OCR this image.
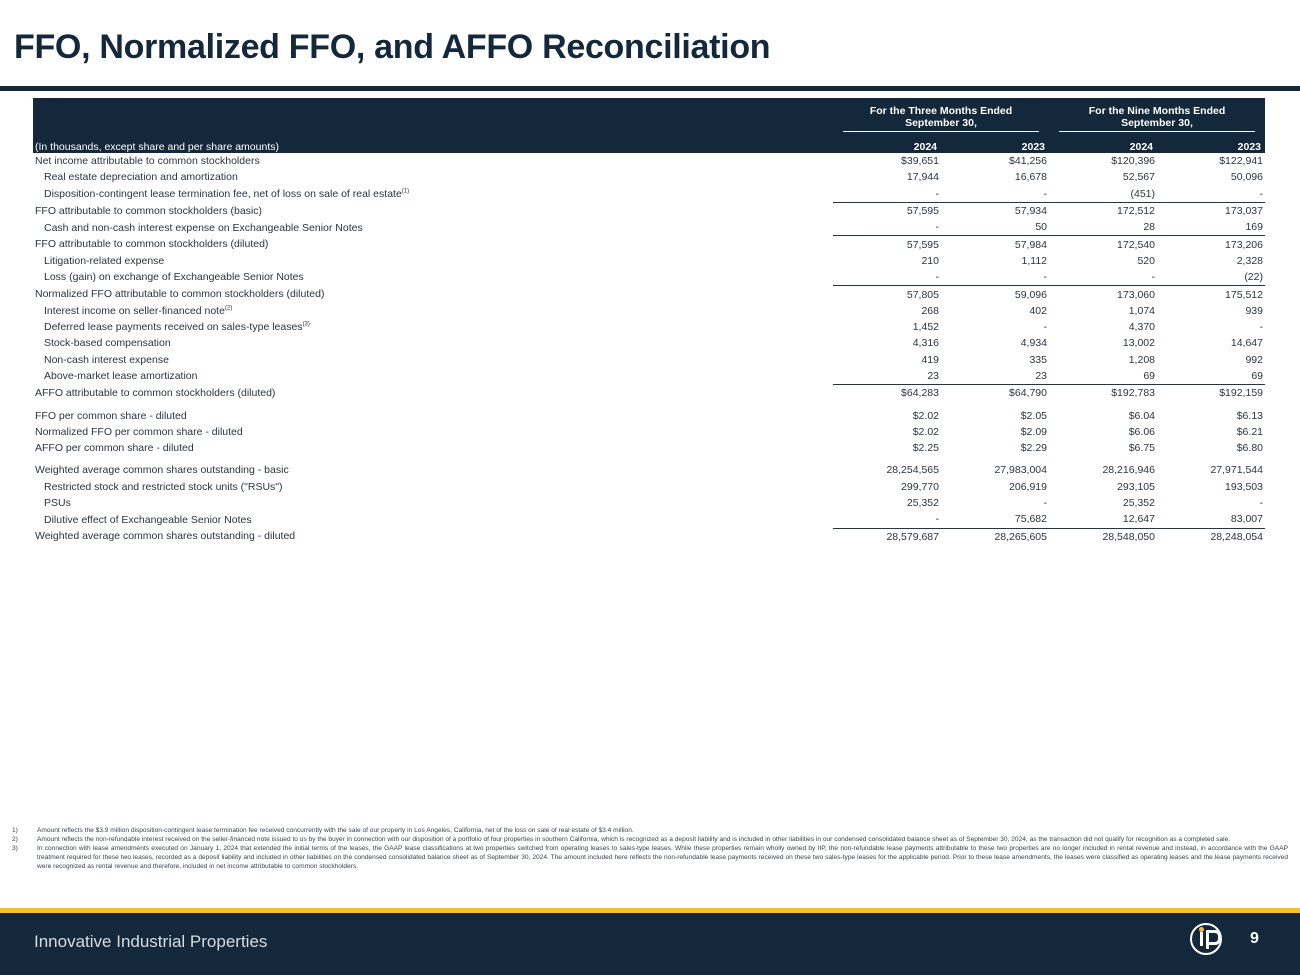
FFO, Normalized FFO, and AFFO Reconciliation

	For the Three Months Ended		For the Nine Months Ended	

	September 30,		September 30,	

(In thousands, except share and per share amounts)	2024	2023	2024	2023
Net income attributable to common stockholders	$39,651	$41,256	$120,396	$122,941
Real estate depreciation and amortization	17,944	16,678	52,567	50,096
Disposition-contingent lease termination fee, net of loss on sale of real estate$^{(1)}$	-	-	(451)	-
FFO attributable to common stockholders (basic)	57,595	57,934	172,512	173,037
Cash and non-cash interest expense on Exchangeable Senior Notes	-	50	28	169
FFO attributable to common stockholders (diluted)	57,595	57,984	172,540	173,206
Litigation-related expense	210	1,112	520	2,328
Loss (gain) on exchange of Exchangeable Senior Notes	-	-	-	(22)
Normalized FFO attributable to common stockholders (diluted)	57,805	59,096	173,060	175,512
Interest income on seller-financed note$^{(2)}$	268	402	1,074	939
Deferred lease payments received on sales-type leases$^{(3)}$	1,452	-	4,370	-
Stock-based compensation	4,316	4,934	13,002	14,647
Non-cash interest expense	419	335	1,208	992
Above-market lease amortization	23	23	69	69
AFFO attributable to common stockholders (diluted)	$64,283	$64,790	$192,783	$192,159

FFO per common share - diluted	$2.02	$2.05	$6.04	$6.13
Normalized FFO per common share - diluted	$2.02	$2.09	$6.06	$6.21
AFFO per common share - diluted	$2.25	$2.29	$6.75	$6.80

Weighted average common shares outstanding - basic	28,254,565	27,983,004	28,216,946	27,971,544
Restricted stock and restricted stock units ("RSUs")	299,770	206,919	293,105	193,503
PSUs	25,352	-	25,352	-
Dilutive effect of Exchangeable Senior Notes	-	75,682	12,647	83,007
Weighted average common shares outstanding - diluted	28,579,687	28,265,605	28,548,050	28,248,054
1)	Amount reflects the $3.9 million disposition-contingent lease termination fee received concurrently with the sale of our property in Los Angeles, California, net of the loss on sale of real estate of $3.4 million.
2)	Amount reflects the non-refundable interest received on the seller-financed note issued to us by the buyer in connection with our disposition of a portfolio of four properties in southern California, which is recognized as a deposit liability and is included in other liabilities in our condensed consolidated balance sheet as of September 30, 2024, as the transaction did not qualify for recognition as a completed sale.
3)	In connection with lease amendments executed on January 1, 2024 that extended the initial terms of the leases, the GAAP lease classifications at two properties switched from operating leases to sales-type leases. While these properties remain wholly owned by IIP, the non-refundable lease payments attributable to these two properties are no longer included in rental revenue and instead, in accordance with the GAAP treatment required for these two leases, recorded as a deposit liability and included in other liabilities on the condensed consolidated balance sheet as of September 30, 2024. The amount included here reflects the non-refundable lease payments received on these two sales-type leases for the applicable period. Prior to these lease amendments, the leases were classified as operating leases and the lease payments received were recognized as rental revenue and therefore, included in net income attributable to common stockholders.
Innovative Industrial Properties	9
